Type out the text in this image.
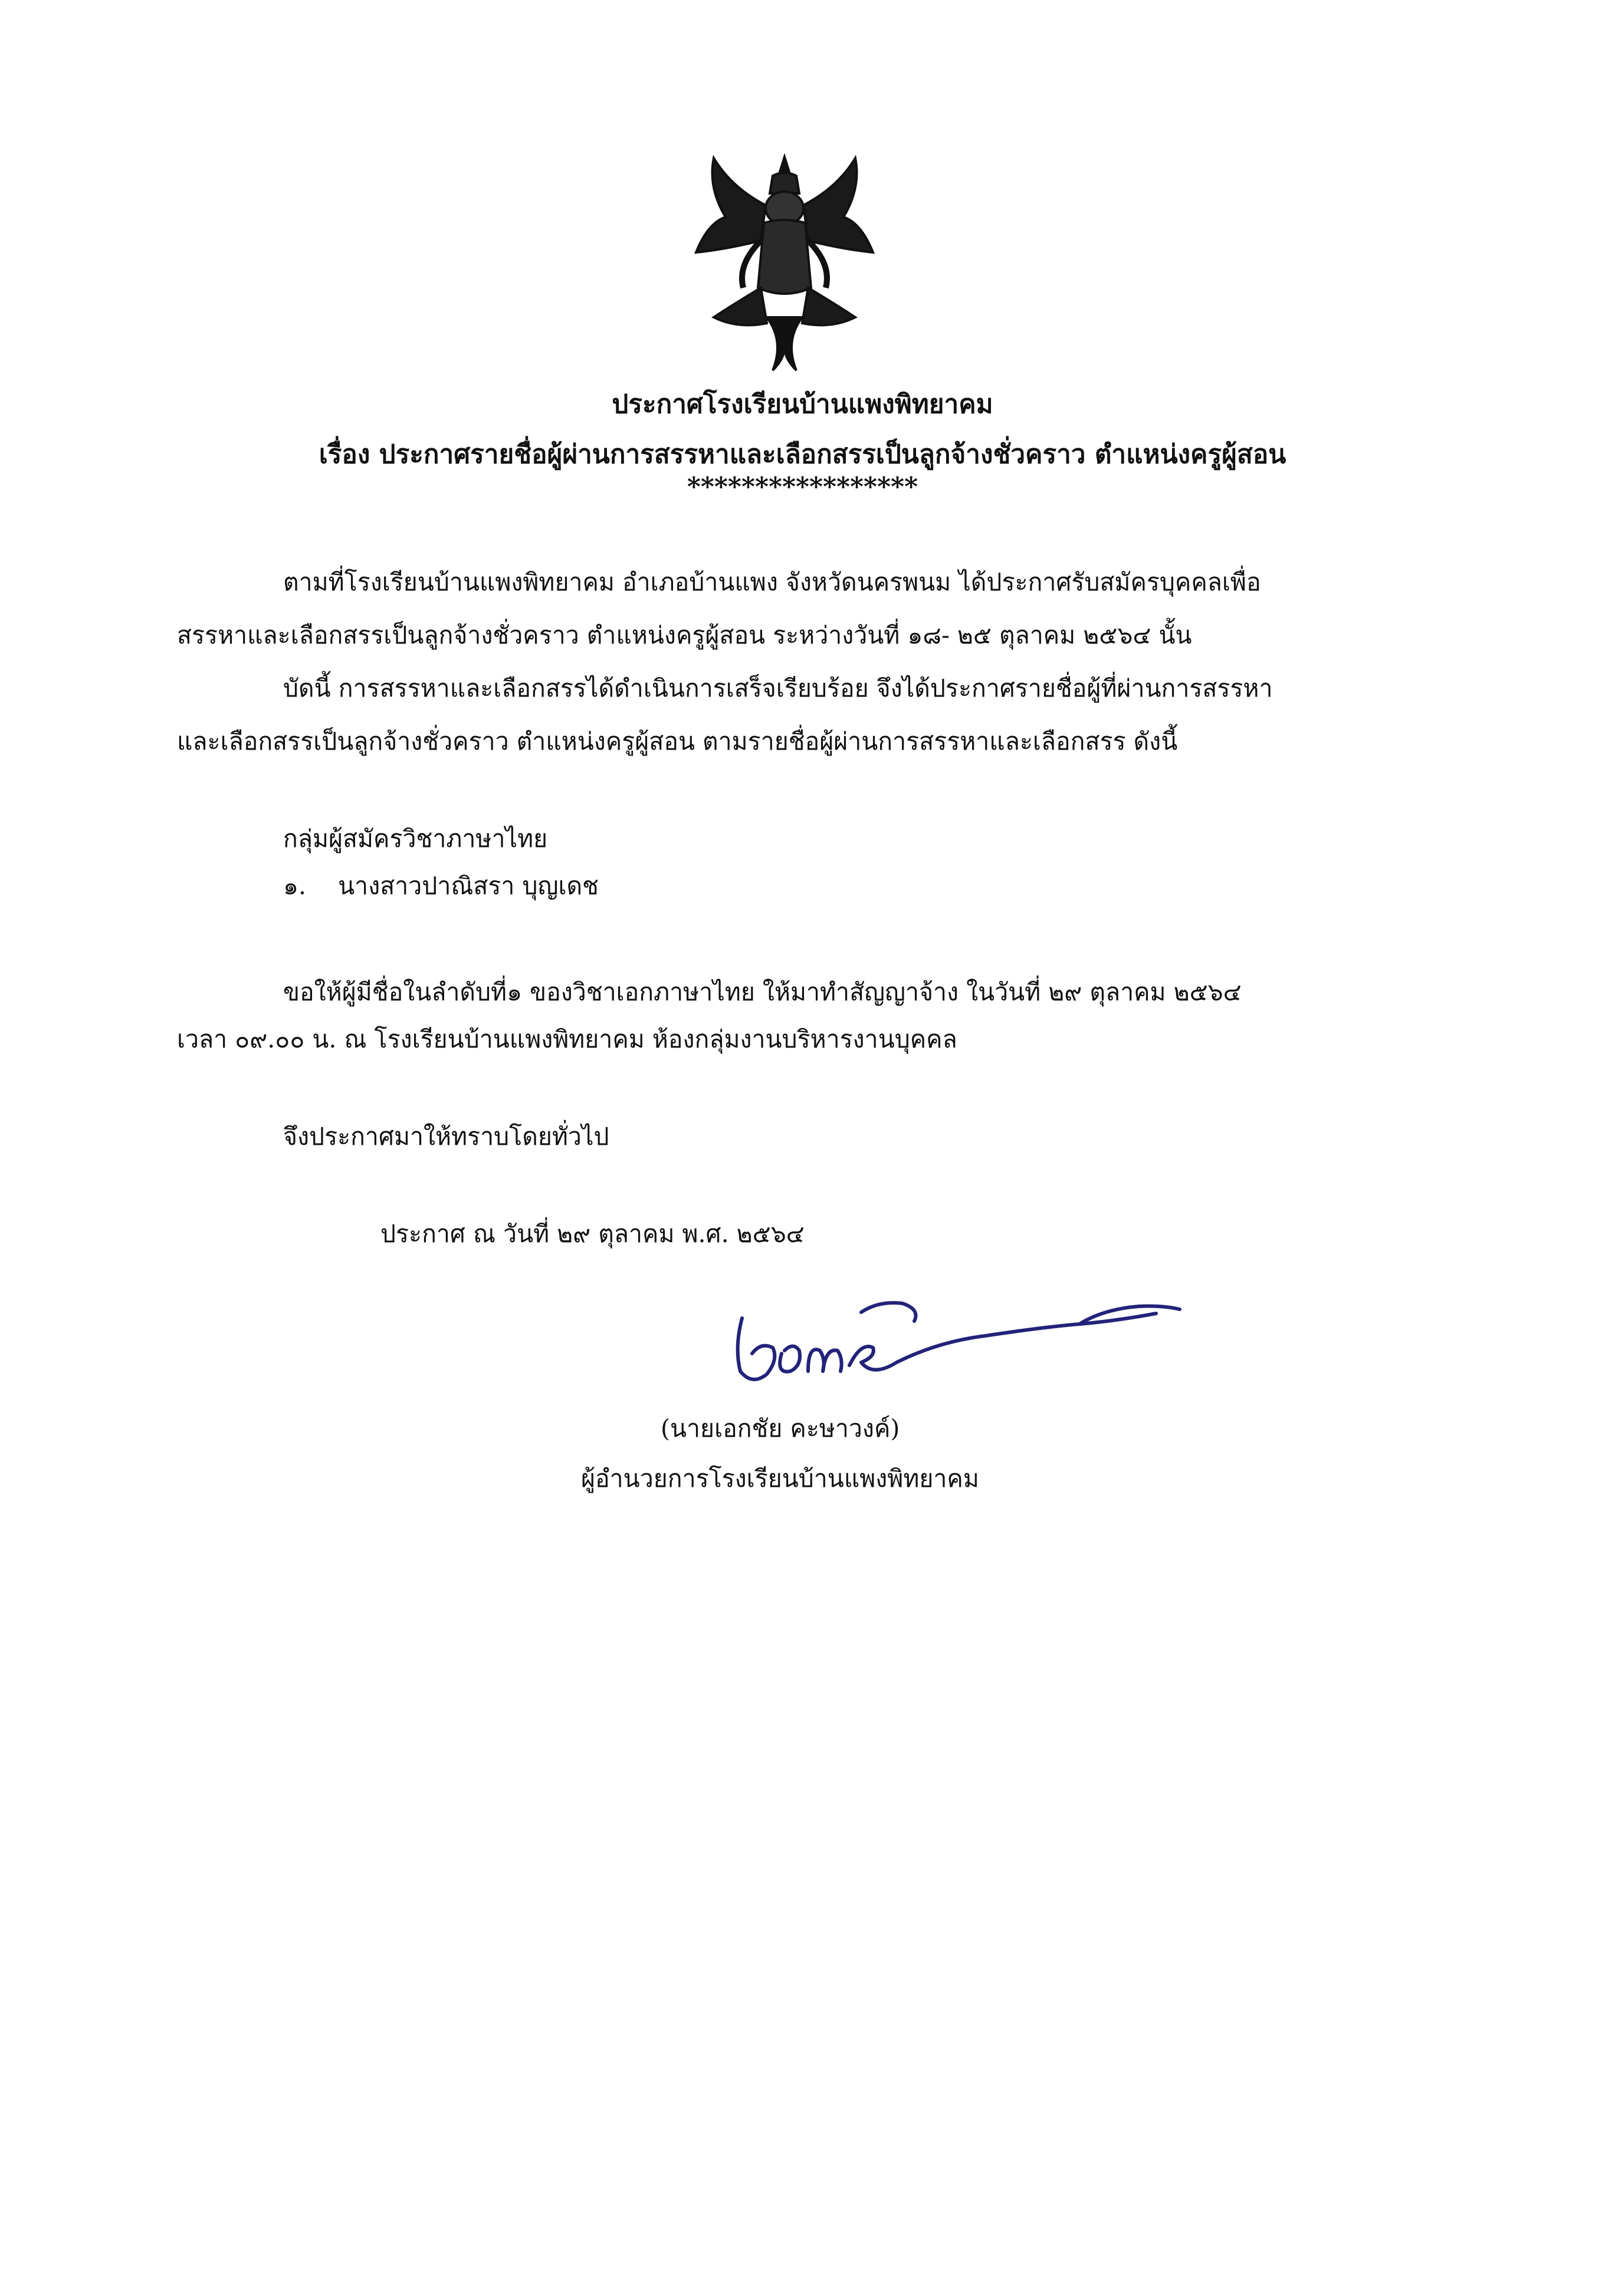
ประกาศโรงเรียนบ้านแพงพิทยาคม
เรื่อง ประกาศรายชื่อผู้ผ่านการสรรหาและเลือกสรรเป็นลูกจ้างชั่วคราว ตำแหน่งครูผู้สอน
*****************
ตามที่โรงเรียนบ้านแพงพิทยาคม อำเภอบ้านแพง จังหวัดนครพนม ได้ประกาศรับสมัครบุคคลเพื่อ
สรรหาและเลือกสรรเป็นลูกจ้างชั่วคราว ตำแหน่งครูผู้สอน ระหว่างวันที่ ๑๘- ๒๕ ตุลาคม ๒๕๖๔ นั้น
บัดนี้ การสรรหาและเลือกสรรได้ดำเนินการเสร็จเรียบร้อย จึงได้ประกาศรายชื่อผู้ที่ผ่านการสรรหา
และเลือกสรรเป็นลูกจ้างชั่วคราว ตำแหน่งครูผู้สอน ตามรายชื่อผู้ผ่านการสรรหาและเลือกสรร ดังนี้
กลุ่มผู้สมัครวิชาภาษาไทย
๑. นางสาวปาณิสรา บุญเดช
ขอให้ผู้มีชื่อในลำดับที่๑ ของวิชาเอกภาษาไทย ให้มาทำสัญญาจ้าง ในวันที่ ๒๙ ตุลาคม ๒๕๖๔
เวลา ๐๙.๐๐ น. ณ โรงเรียนบ้านแพงพิทยาคม ห้องกลุ่มงานบริหารงานบุคคล
จึงประกาศมาให้ทราบโดยทั่วไป
ประกาศ ณ วันที่ ๒๙ ตุลาคม พ.ศ. ๒๕๖๔
(นายเอกชัย คะษาวงค์)
ผู้อำนวยการโรงเรียนบ้านแพงพิทยาคม
